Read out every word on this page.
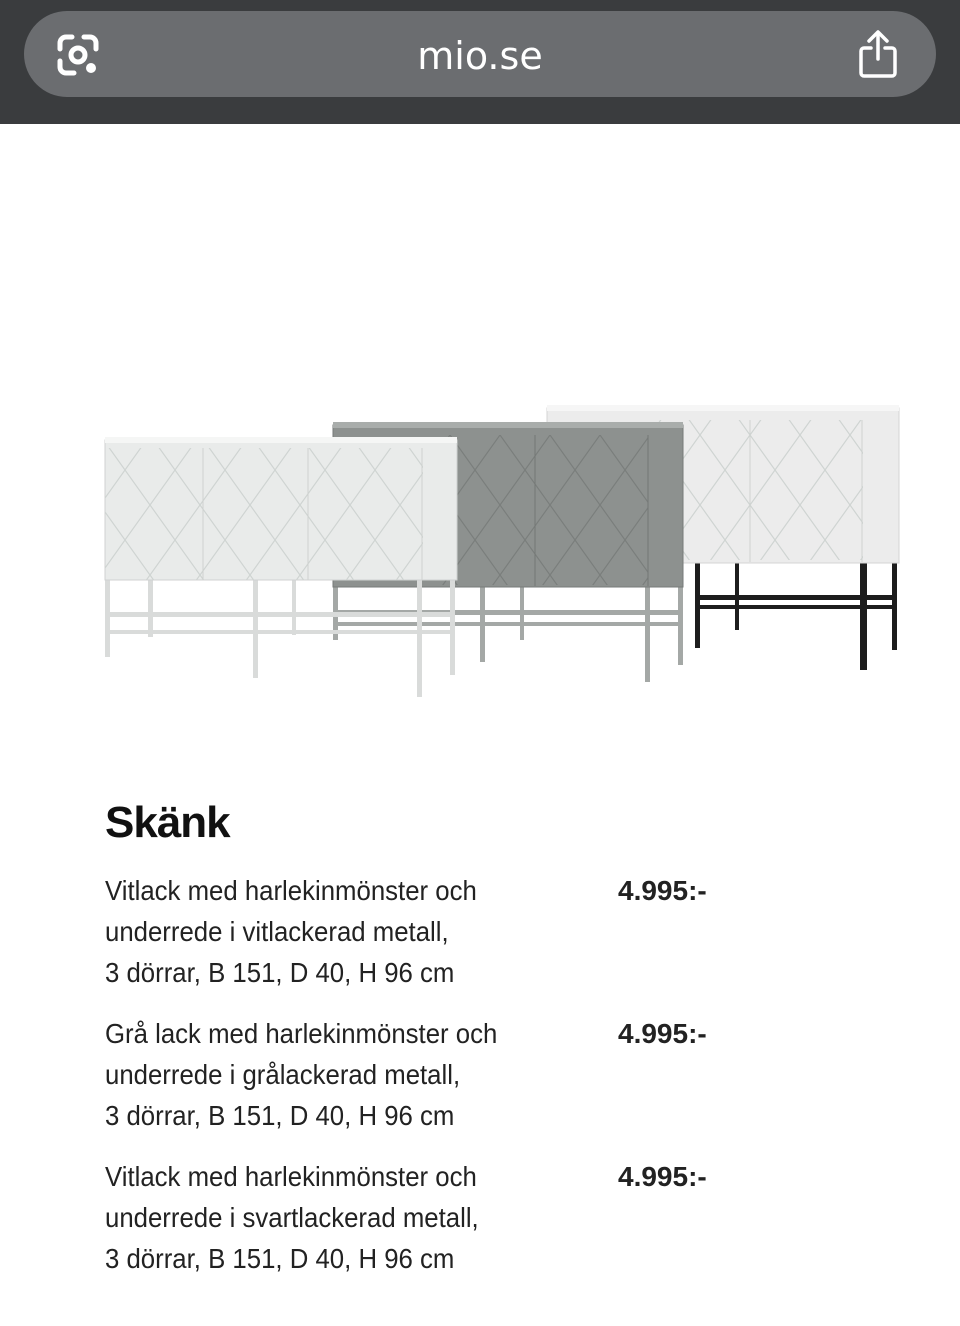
mio.se
Skänk
Vitlack med harlekinmönster och
underrede i vitlackerad metall,
3 dörrar, B 151, D 40, H 96 cm
4.995:-
Grå lack med harlekinmönster och
underrede i grålackerad metall,
3 dörrar, B 151, D 40, H 96 cm
4.995:-
Vitlack med harlekinmönster och
underrede i svartlackerad metall,
3 dörrar, B 151, D 40, H 96 cm
4.995:-
